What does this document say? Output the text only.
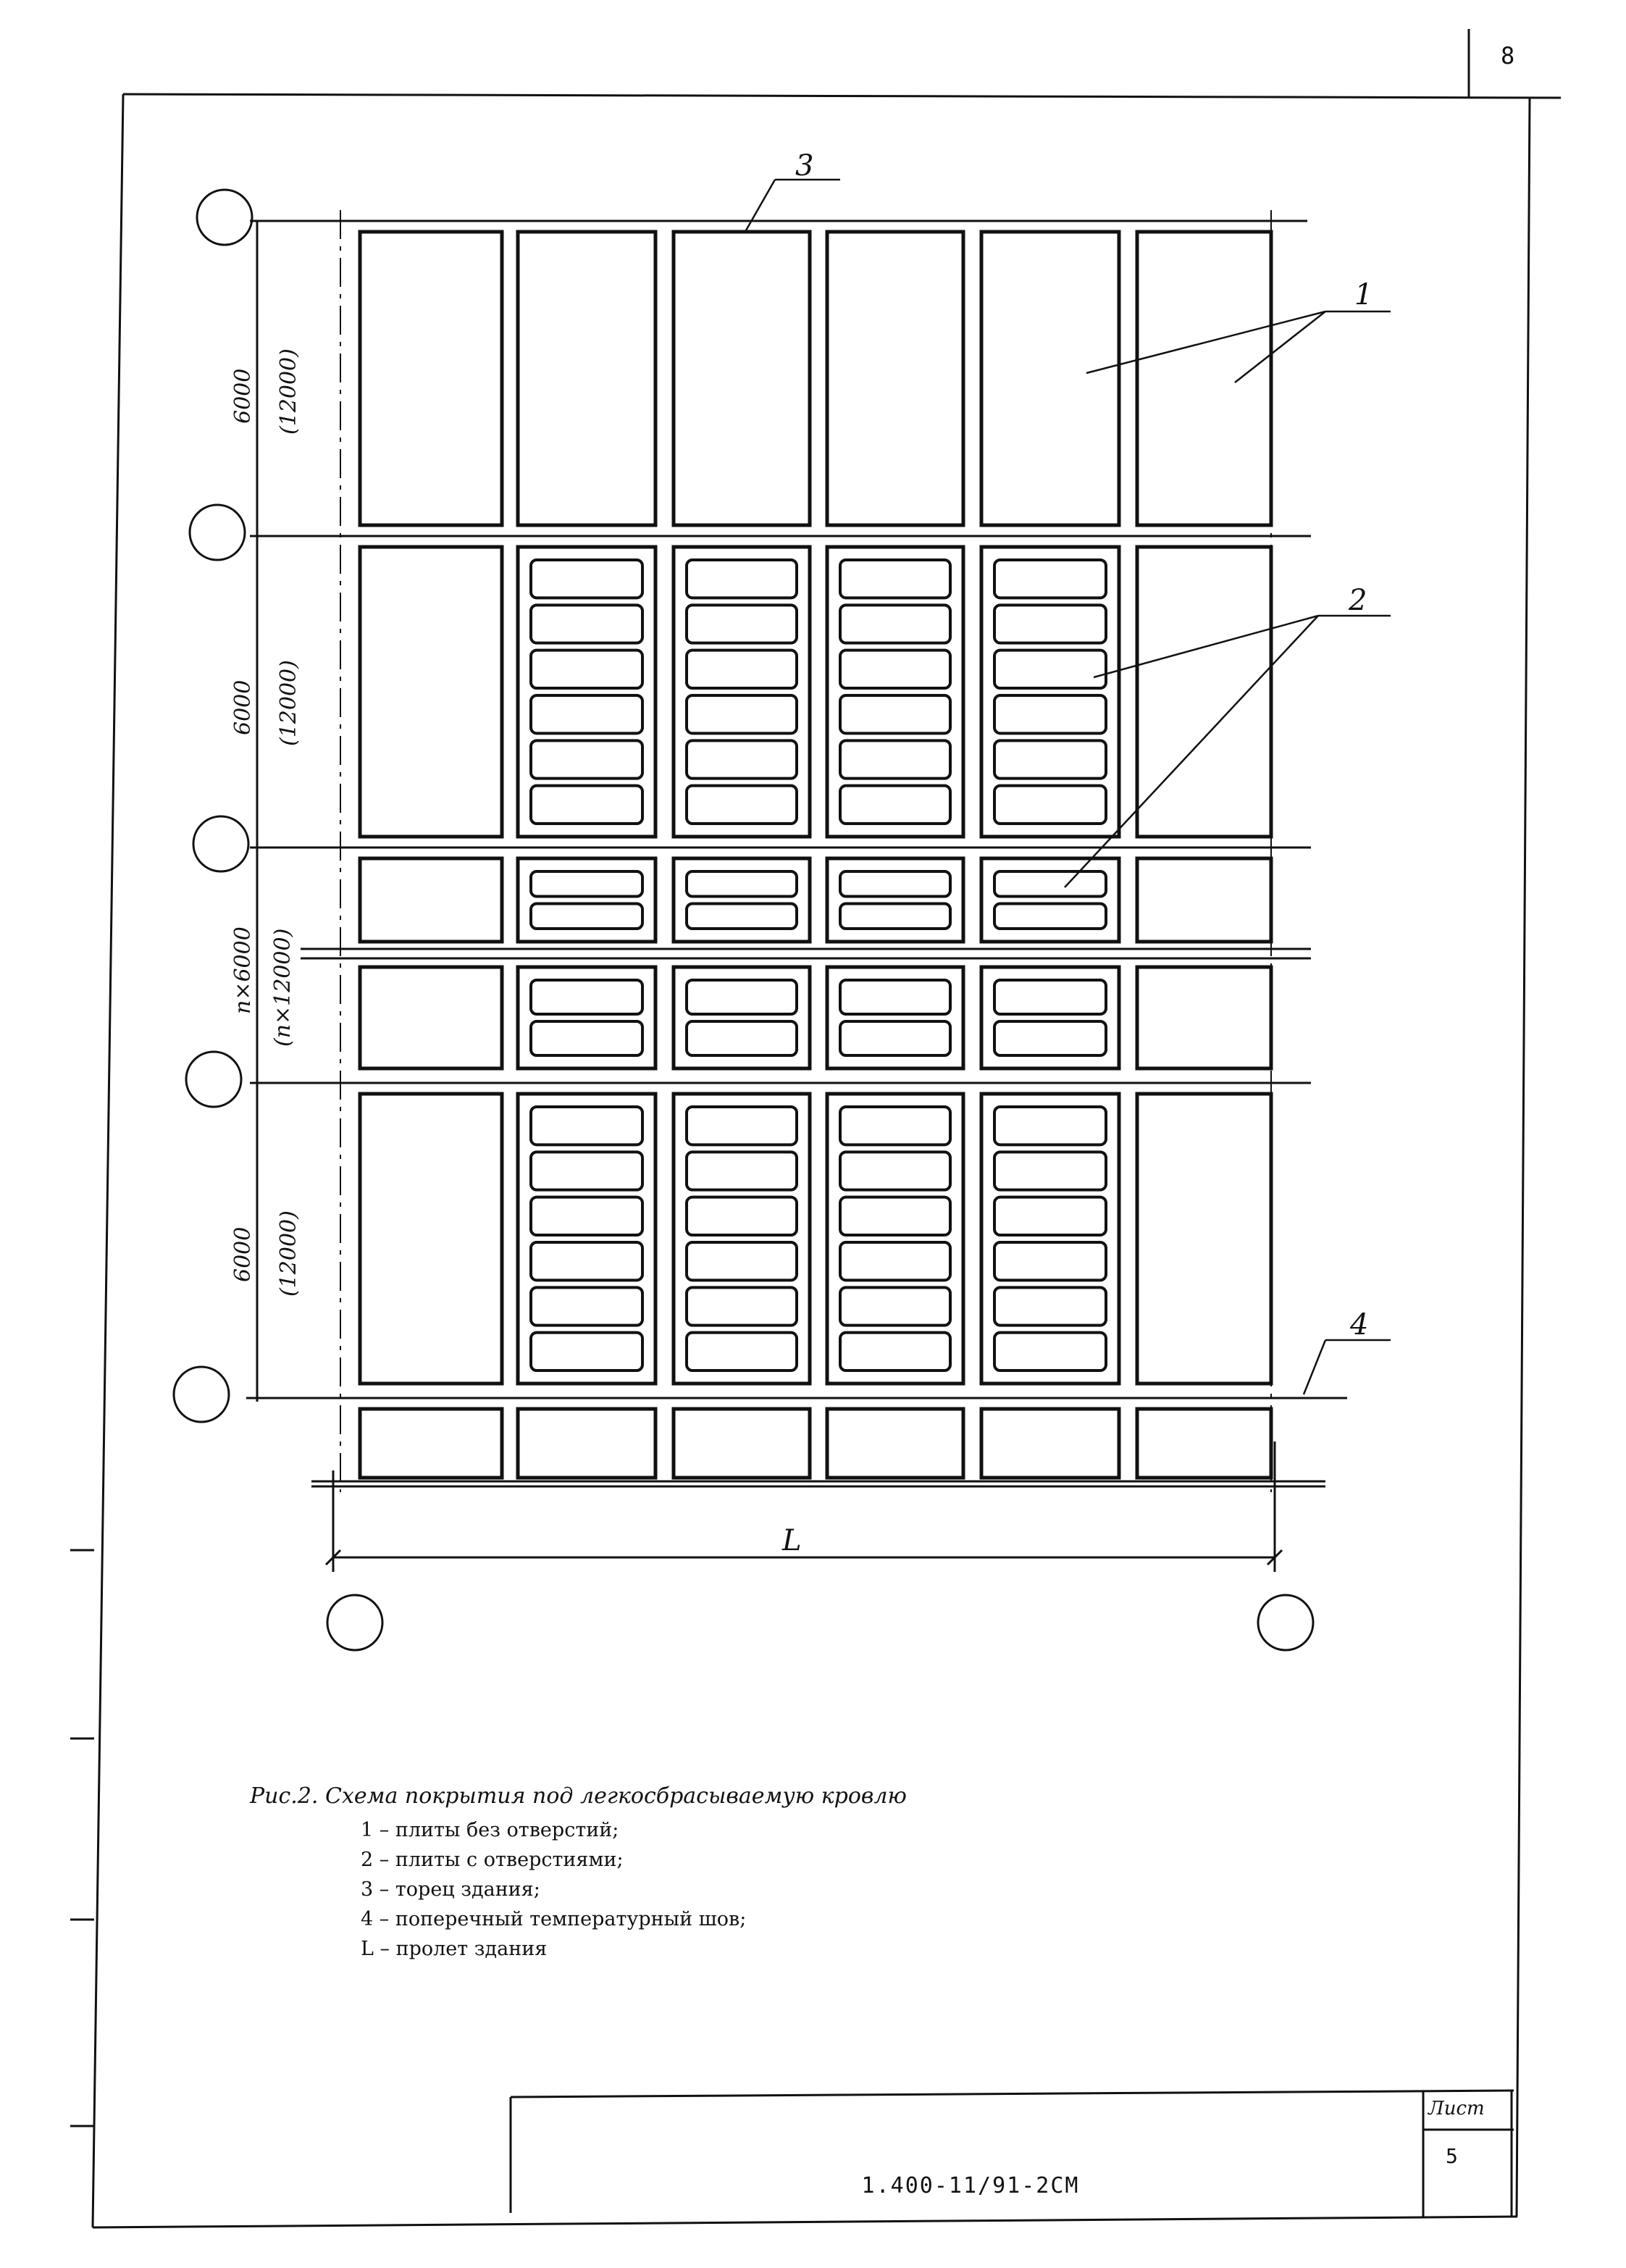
1
2
3
4
6000 (12000)
6000 (12000)
n×6000 (n×12000)
6000 (12000)
L
8
Рис.2. Схема покрытия под легкосбрасываемую кровлю
1 – плиты без отверстий;
2 – плиты с отверстиями;
3 – торец здания;
4 – поперечный температурный шов;
L – пролет здания
1.400-11/91-2СМ
Лист
5
